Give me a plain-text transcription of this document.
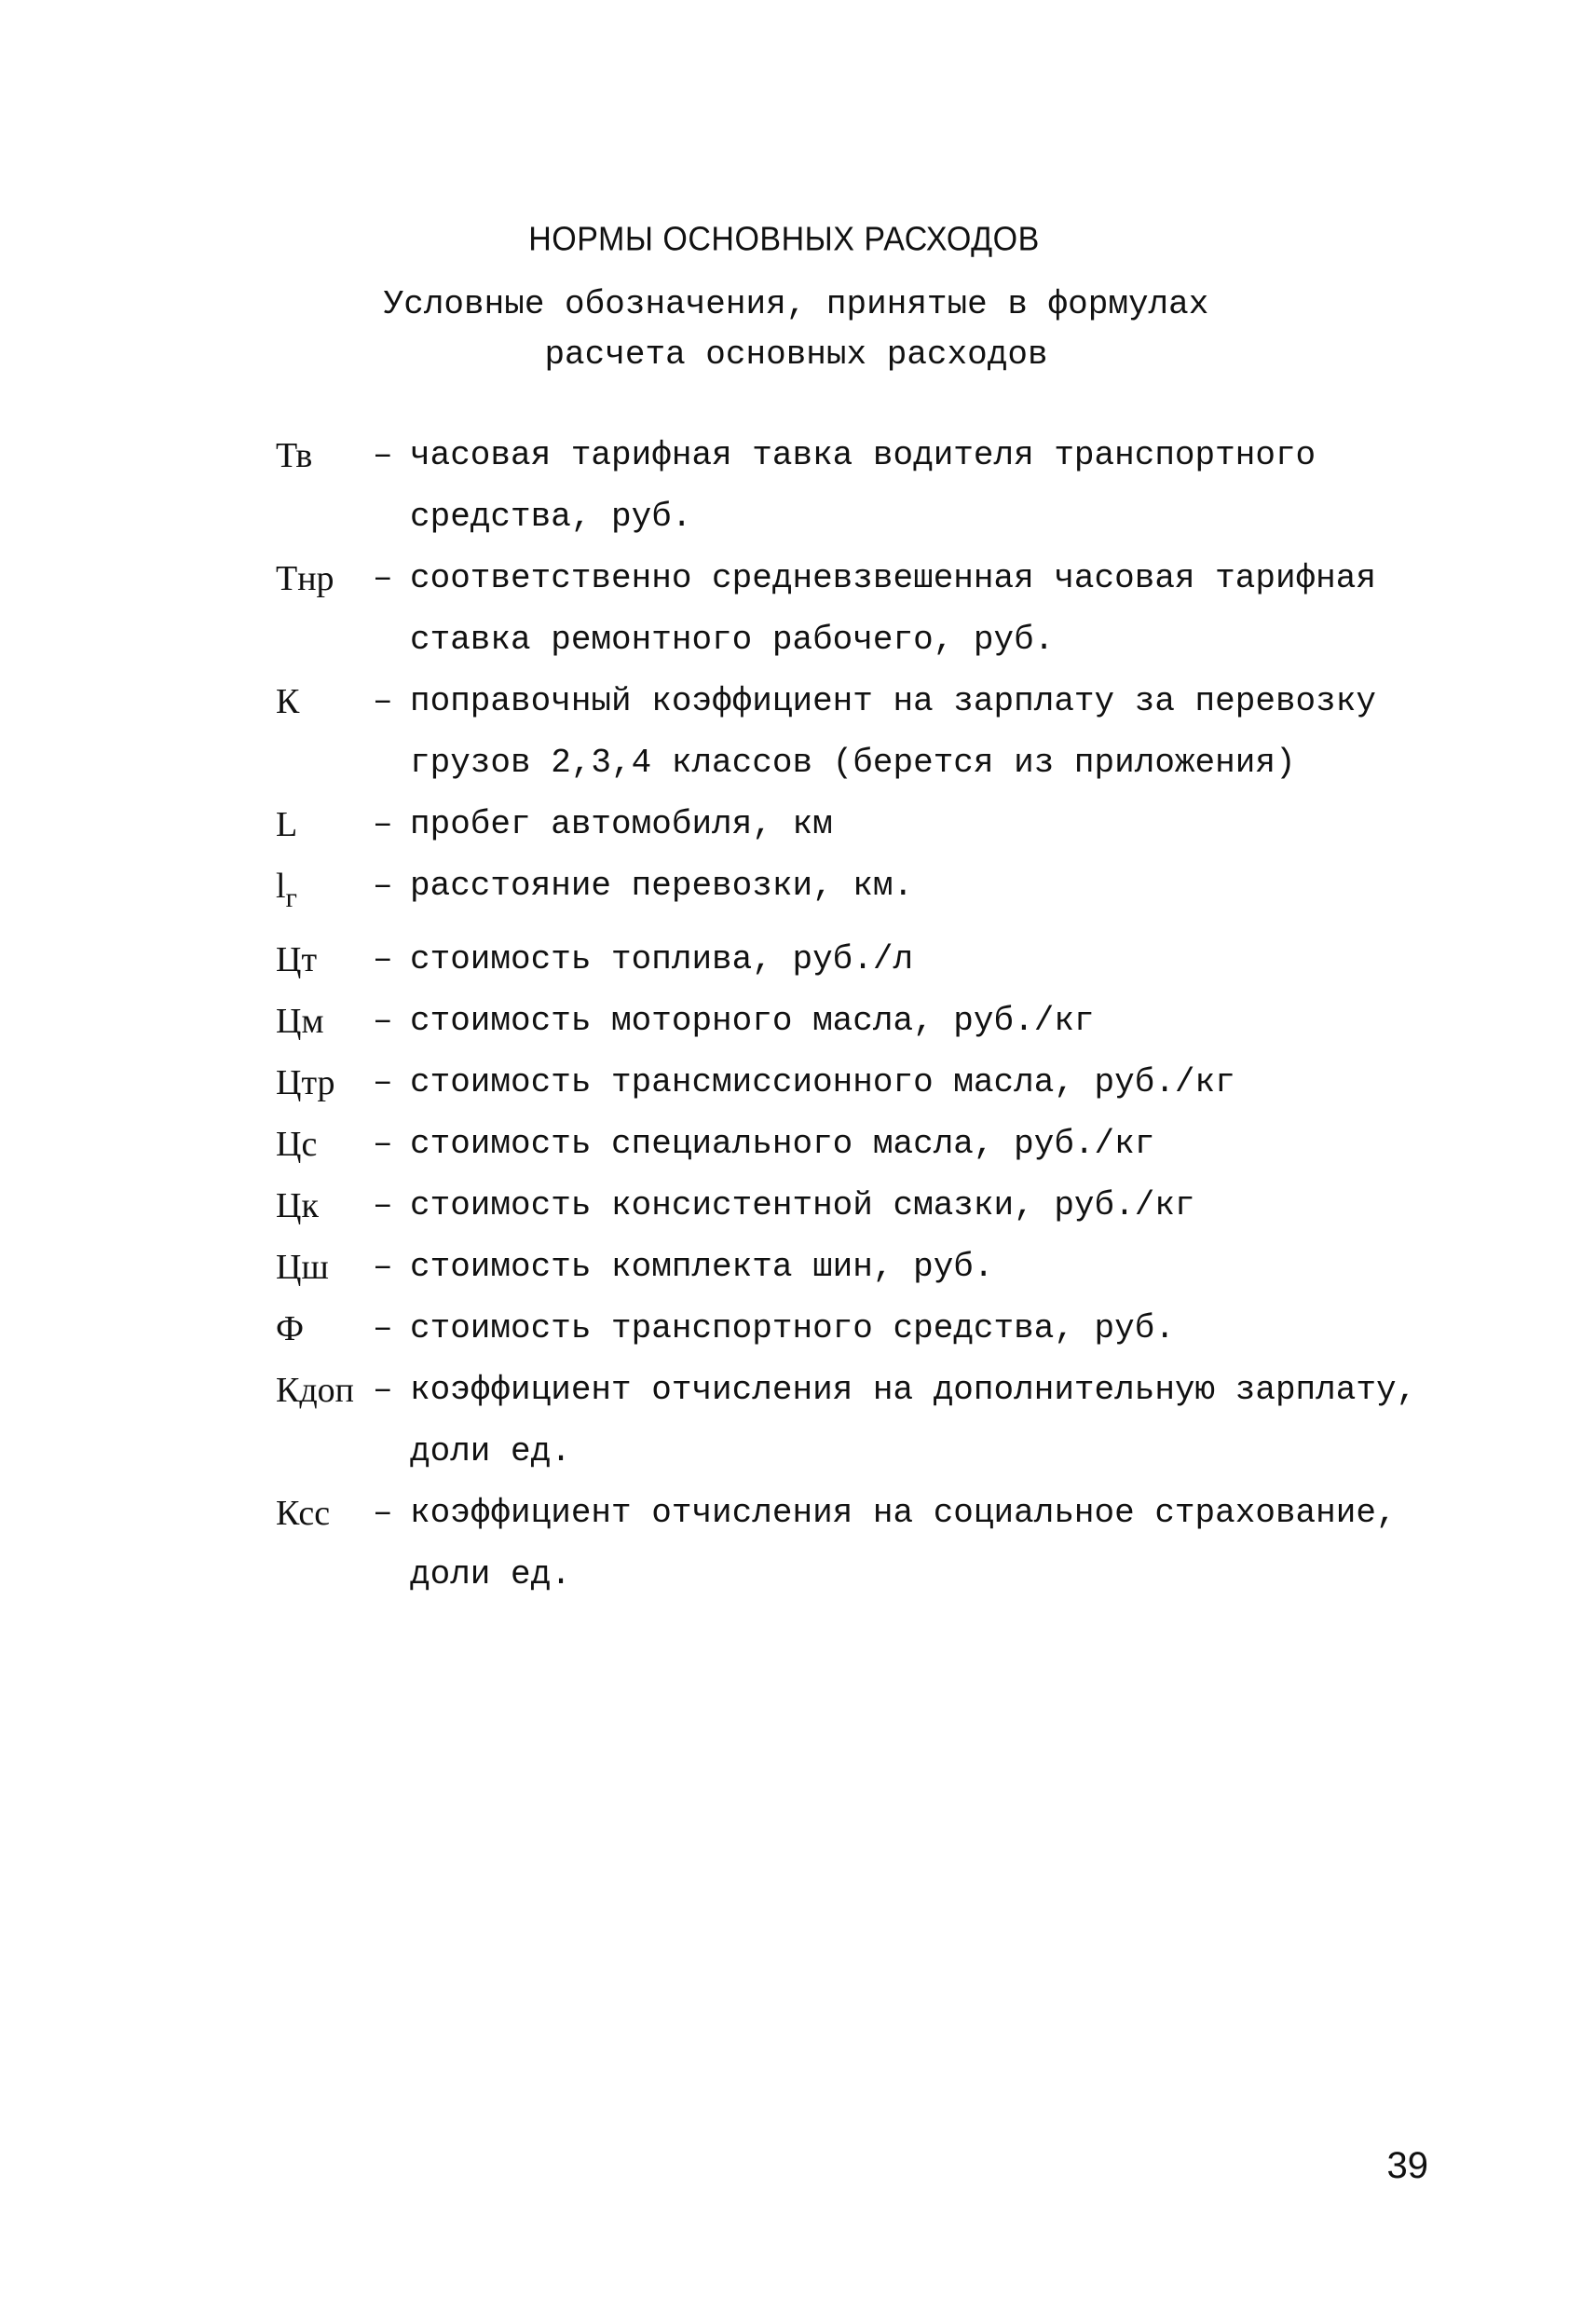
НОРМЫ ОСНОВНЫХ РАСХОДОВ
Условные обозначения, принятые в формулах
расчета основных расходов
Тв	– часовая тарифная тавка водителя транспортного
средства, руб.
Тнр	– соответственно средневзвешенная часовая тарифная
ставка ремонтного рабочего, руб.
К	– поправочный коэффициент на зарплату за перевозку
грузов 2,3,4 классов (берется из приложения)
L	– пробег автомобиля, км
$l_г$	– расстояние перевозки, км.
Цт	– стоимость топлива, руб./л
Цм	– стоимость моторного масла, руб./кг
Цтр	– стоимость трансмиссионного масла, руб./кг
Цс	– стоимость специального масла, руб./кг
Цк	– стоимость консистентной смазки, руб./кг
Цш	– стоимость комплекта шин, руб.
Ф	– стоимость транспортного средства, руб.
Кдоп – коэффициент отчисления на дополнительную зарплату,
доли ед.
Ксс	– коэффициент отчисления на социальное страхование,
доли ед.
39
